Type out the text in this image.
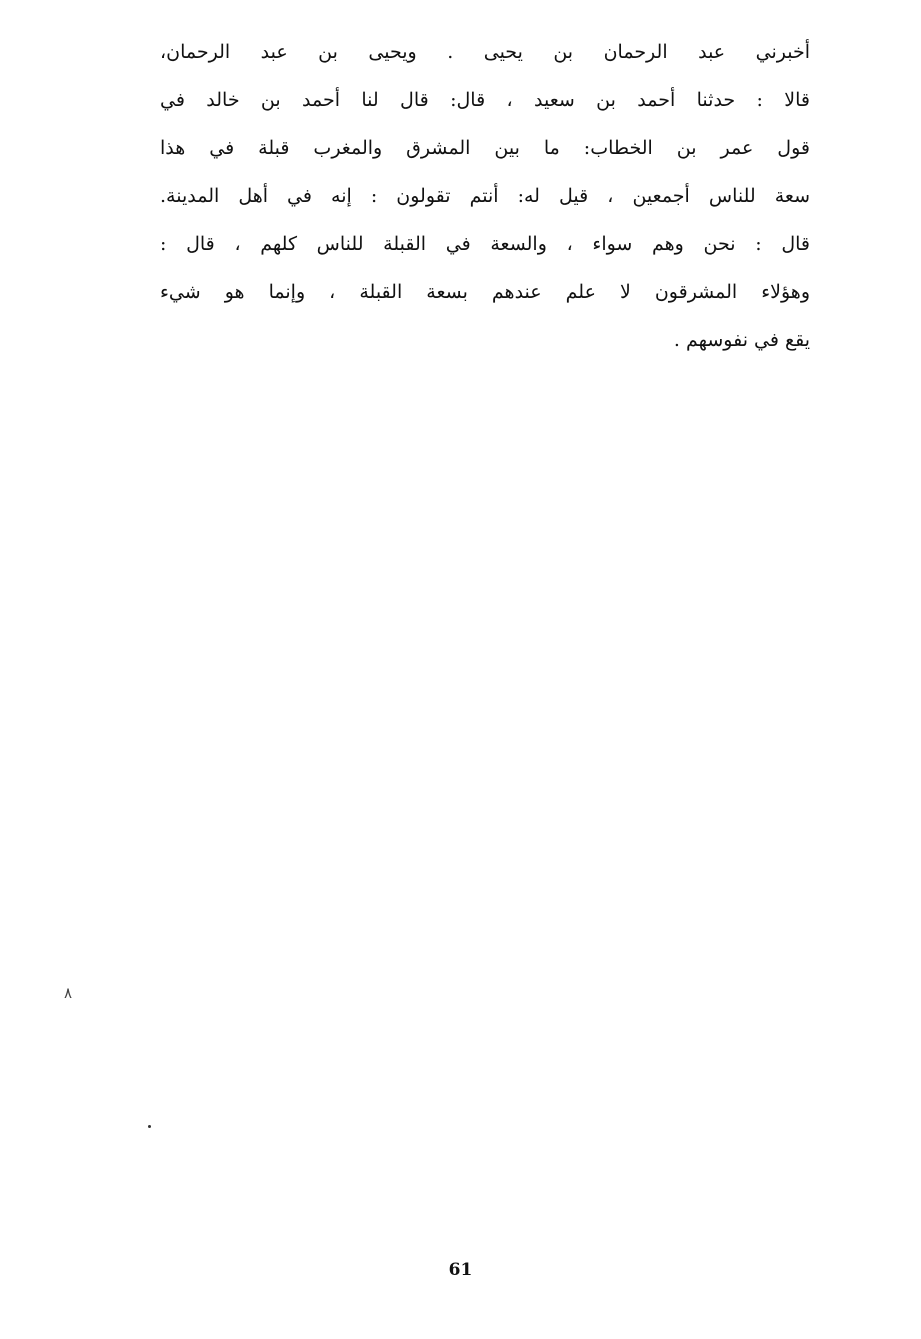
أخبرني عبد الرحمان بن يحيى . ويحيى بن عبد الرحمان،
قالا : حدثنا أحمد بن سعيد ، قال: قال لنا أحمد بن خالد في
قول عمر بن الخطاب: ما بين المشرق والمغرب قبلة في هذا
سعة للناس أجمعين ، قيل له: أنتم تقولون : إنه في أهل المدينة.
قال : نحن وهم سواء ، والسعة في القبلة للناس كلهم ، قال :
وهؤلاء المشرقون لا علم عندهم بسعة القبلة ، وإنما هو شيء
يقع في نفوسهم .
٨
61
